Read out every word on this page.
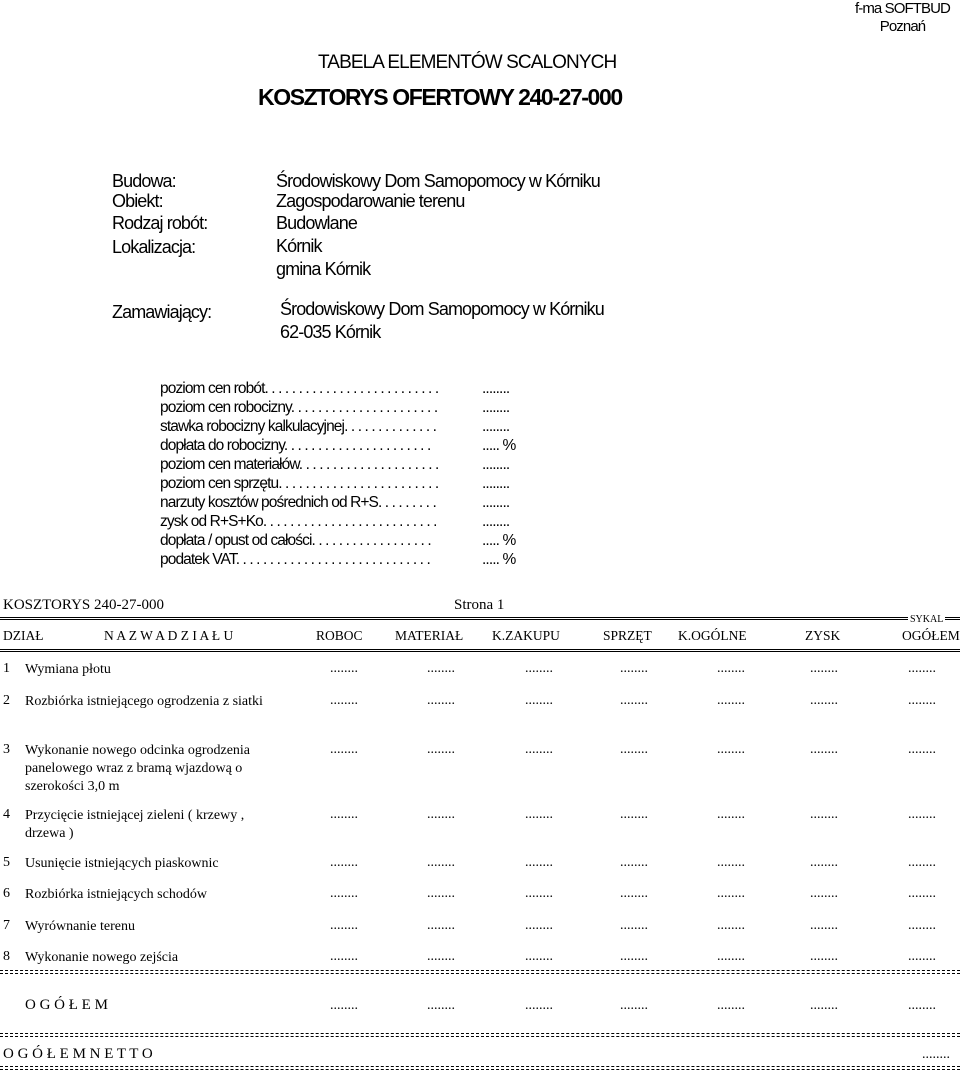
f-ma SOFTBUD
Poznań
TABELA ELEMENTÓW SCALONYCH
KOSZTORYS OFERTOWY 240-27-000
Budowa:	Środowiskowy Dom Samopomocy w Kórniku
Obiekt:	Zagospodarowanie terenu
Rodzaj robót:	Budowlane
Lokalizacja:	Kórnik
gmina Kórnik
Zamawiający:	Środowiskowy Dom Samopomocy w Kórniku
62-035 Kórnik
poziom cen robót. . . . . . . . . . . . . . . . . . . . . . . . . .	........
poziom cen robocizny. . . . . . . . . . . . . . . . . . . . . .	........
stawka robocizny kalkulacyjnej. . . . . . . . . . . . . .	........
dopłata do robocizny. . . . . . . . . . . . . . . . . . . . . .	..... %
poziom cen materiałów. . . . . . . . . . . . . . . . . . . . .	........
poziom cen sprzętu. . . . . . . . . . . . . . . . . . . . . . . .	........
narzuty kosztów pośrednich od R+S. . . . . . . . .	........
zysk od R+S+Ko. . . . . . . . . . . . . . . . . . . . . . . . . .	........
dopłata / opust od całości. . . . . . . . . . . . . . . . . .	..... %
podatek VAT. . . . . . . . . . . . . . . . . . . . . . . . . . . . .	..... %
KOSZTORYS 240-27-000	Strona 1
SYKAL
DZIAŁ	N A Z W A D Z I A Ł U	ROBOC MATERIAŁ K.ZAKUPU	SPRZĘT K.OGÓLNE	ZYSK	OGÓŁEM
1 Wymiana płotu	........	........	........	........	........	........	........
2 Rozbiórka istniejącego ogrodzenia z siatki	........	........	........	........	........	........	........
3 Wykonanie nowego odcinka ogrodzenia panelowego wraz z bramą wjazdową o szerokości 3,0 m
........	........	........	........	........	........	........
4 Przycięcie istniejącej zieleni ( krzewy , drzewa )
........	........	........	........	........	........	........
5 Usunięcie istniejących piaskownic	........	........	........	........	........	........	........
6 Rozbiórka istniejących schodów	........	........	........	........	........	........	........
7 Wyrównanie terenu	........	........	........	........	........	........	........
8 Wykonanie nowego zejścia	........	........	........	........	........	........	........
O G Ó Ł E M	........	........	........	........	........	........	........
O G Ó Ł E M N E T T O	........
